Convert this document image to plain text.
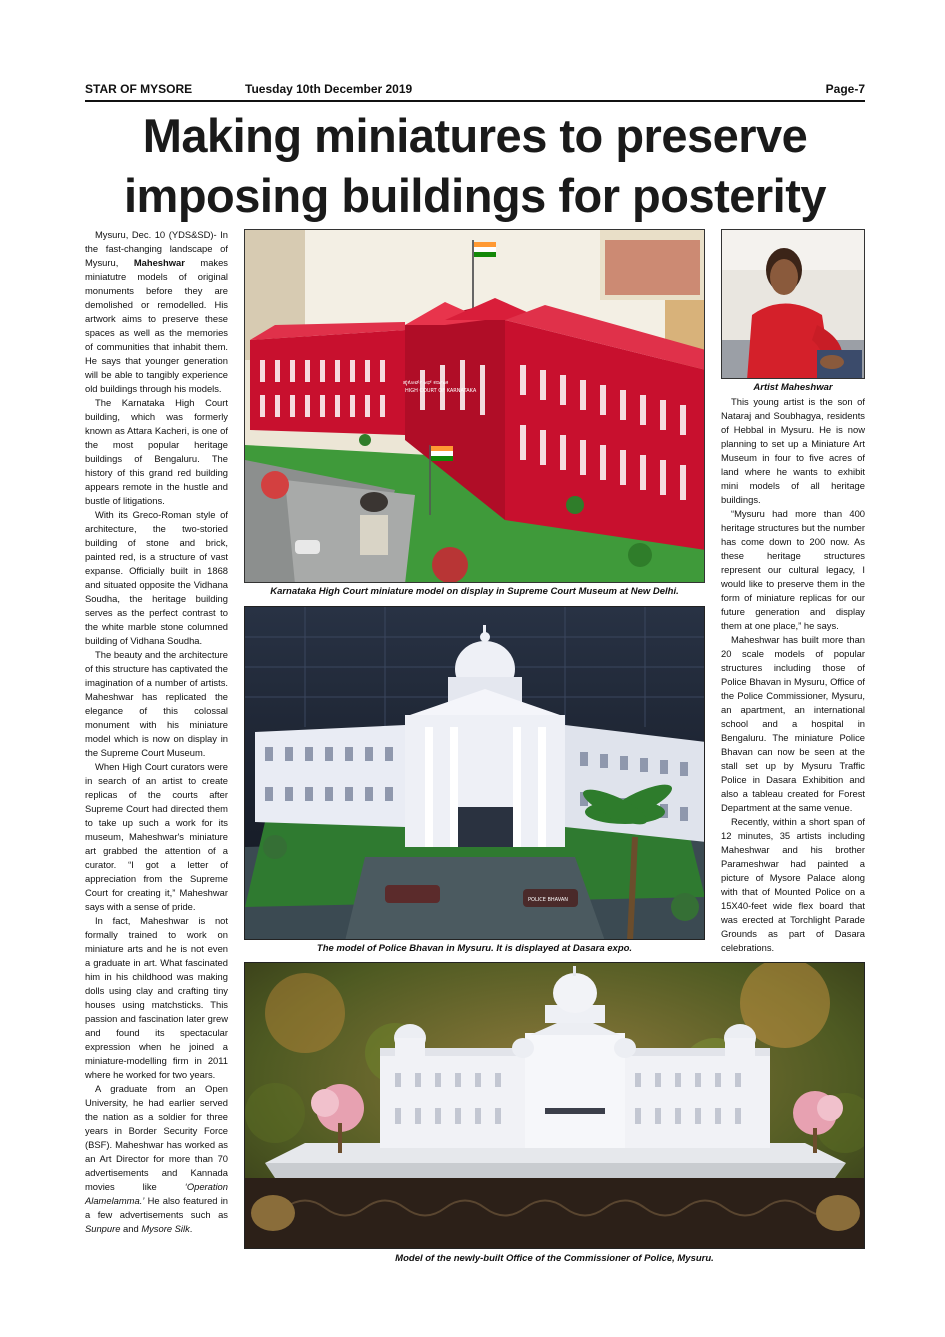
STAR OF MYSORE	Tuesday 10th December 2019	Page-7
Making miniatures to preserve
imposing buildings for posterity

Mysuru, Dec. 10 (YDS&SD)- In the fast-changing landscape of Mysuru, Maheshwar makes miniatutre models of original monuments before they are demolished or remodelled. His artwork aims to preserve these spaces as well as the memories of communities that inhabit them. He says that younger generation will be able to tangibly experience old buildings through his models.

The Karnataka High Court building, which was formerly known as Attara Kacheri, is one of the most popular heritage buildings of Bengaluru. The history of this grand red building appears remote in the hustle and bustle of litigations.

With its Greco-Roman style of architecture, the two-storied building of stone and brick, painted red, is a structure of vast expanse. Officially built in 1868 and situated opposite the Vidhana Soudha, the heritage building serves as the perfect contrast to the white marble stone columned building of Vidhana Soudha.

The beauty and the architecture of this structure has captivated the imagination of a number of artists. Maheshwar has replicated the elegance of this colossal monument with his miniature model which is now on display in the Supreme Court Museum.

When High Court curators were in search of an artist to create replicas of the courts after Supreme Court had directed them to take up such a work for its museum, Maheshwar's miniature art grabbed the attention of a curator. “I got a letter of appreciation from the Supreme Court for creating it,” Maheshwar says with a sense of pride.

In fact, Maheshwar is not formally trained to work on miniature arts and he is not even a graduate in art. What fascinated him in his childhood was making dolls using clay and crafting tiny houses using matchsticks. This passion and fascination later grew and found its spectacular expression when he joined a miniature-modelling firm in 2011 where he worked for two years.

A graduate from an Open University, he had earlier served the nation as a soldier for three years in Border Security Force (BSF). Maheshwar has worked as an Art Director for more than 70 advertisements and Kannada movies like ‘Operation Alamelamma.’ He also featured in a few advertisements such as Sunpure and Mysore Silk.

ಹೈಕೋರ್ಟ್ ಆಫ್ ಕರ್ನಾಟಕ
HIGH COURT OF KARNATAKA
Karnataka High Court miniature model on display in Supreme Court Museum at New Delhi.
POLICE BHAVAN
The model of Police Bhavan in Mysuru. It is displayed at Dasara expo.
Artist Maheshwar

This young artist is the son of Nataraj and Soubhagya, residents of Hebbal in Mysuru. He is now planning to set up a Miniature Art Museum in four to five acres of land where he wants to exhibit mini models of all heritage buildings.

“Mysuru had more than 400 heritage structures but the number has come down to 200 now. As these heritage structures represent our cultural legacy, I would like to preserve them in the form of miniature replicas for our future generation and display them at one place,” he says.

Maheshwar has built more than 20 scale models of popular structures including those of Police Bhavan in Mysuru, Office of the Police Commissioner, Mysuru, an apartment, an international school and a hospital in Bengaluru. The miniature Police Bhavan can now be seen at the stall set up by Mysuru Traffic Police in Dasara Exhibition and also a tableau created for Forest Department at the same venue.

Recently, within a short span of 12 minutes, 35 artists including Maheshwar and his brother Parameshwar had painted a picture of Mysore Palace along with that of Mounted Police on a 15X40-feet wide flex board that was erected at Torchlight Parade Grounds as part of Dasara celebrations.

Model of the newly-built Office of the Commissioner of Police, Mysuru.
